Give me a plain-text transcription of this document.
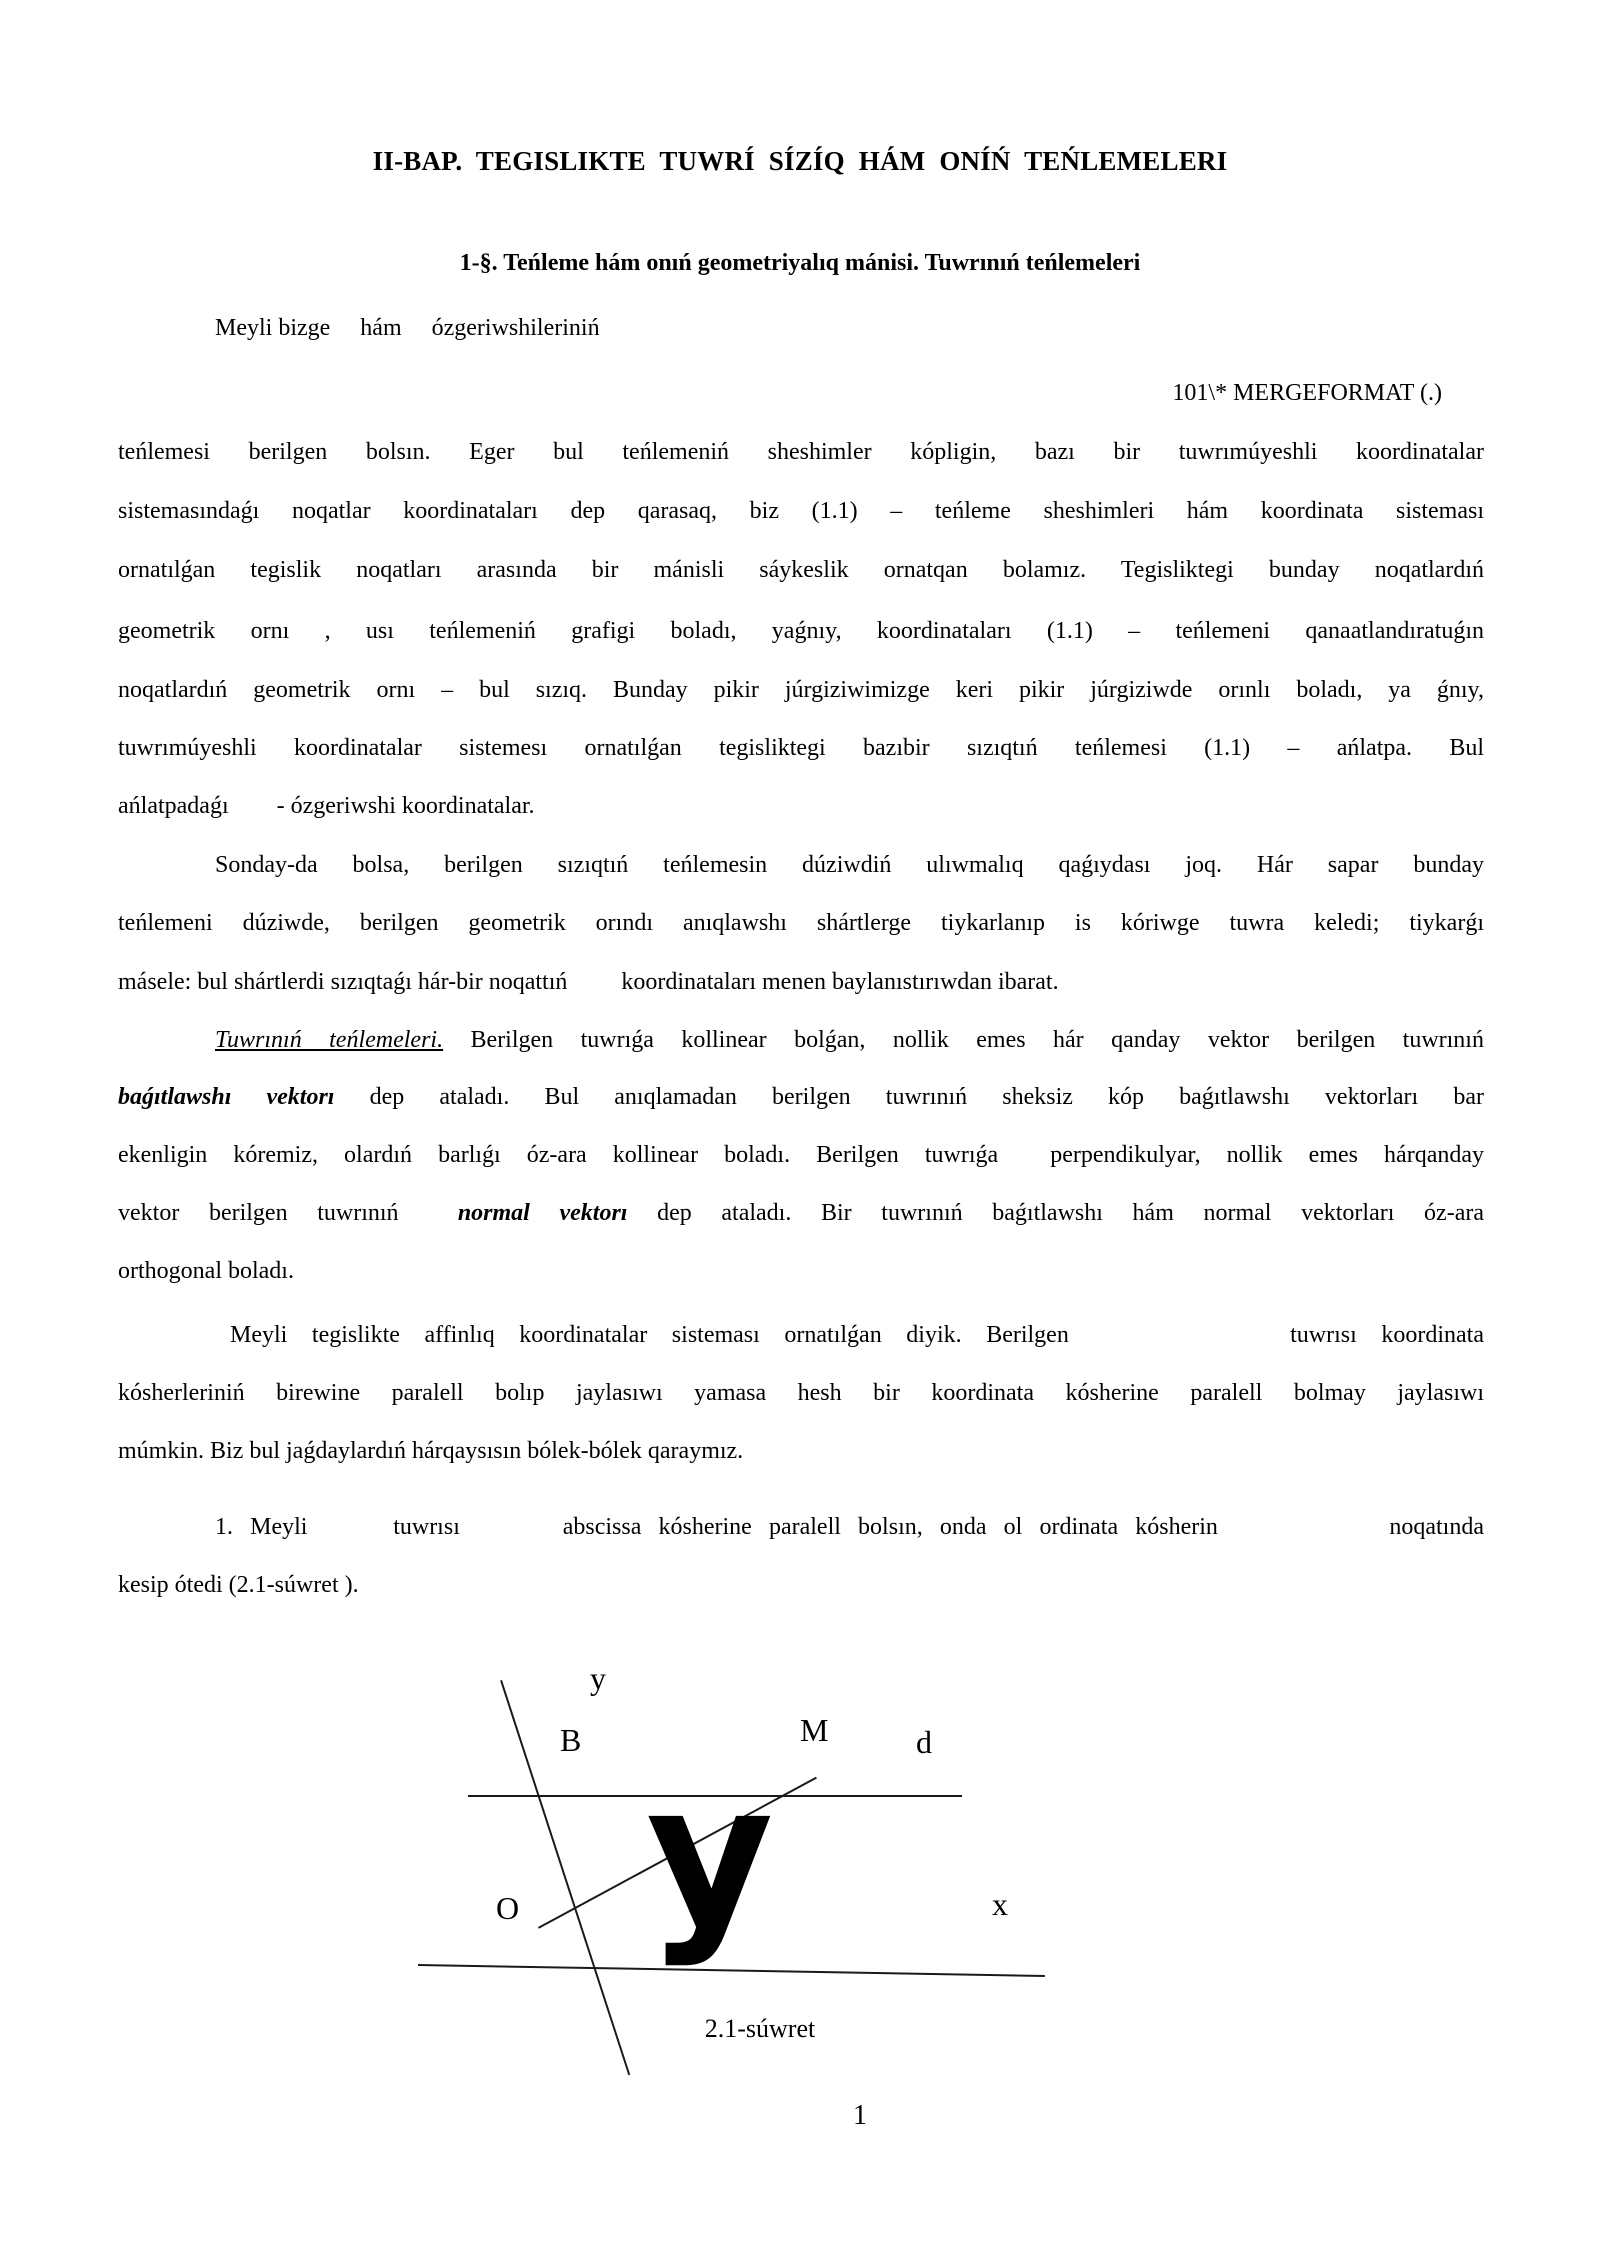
II-BAP. TEGISLIKTE TUWRÍ SÍZÍQ HÁM ONÍŃ TEŃLEMELERI
1-§. Teńleme hám onıń geometriyalıq mánisi. Tuwrınıń teńlemeleri
Meyli bizge     hám     ózgeriwshileriniń
101\* MERGEFORMAT (.)
teńlemesi berilgen bolsın. Eger bul teńlemeniń sheshimler kópligin, bazı bir tuwrımúyeshli koordinatalar
sistemasındaǵı noqatlar koordinataları dep qarasaq, biz (1.1) – teńleme sheshimleri hám koordinata sisteması
ornatılǵan tegislik noqatları arasında bir mánisli sáykeslik ornatqan bolamız. Tegisliktegi bunday noqatlardıń
geometrik ornı , usı teńlemeniń grafigi boladı, yaǵnıy, koordinataları (1.1) – teńlemeni qanaatlandıratuǵın
noqatlardıń geometrik ornı – bul sızıq. Bunday pikir júrgiziwimizge keri pikir júrgiziwde orınlı boladı, ya ǵnıy,
tuwrımúyeshli koordinatalar sistemesı ornatılǵan tegisliktegi bazıbir sızıqtıń teńlemesi (1.1) – ańlatpa. Bul
ańlatpadaǵı        - ózgeriwshi koordinatalar.
Sonday-da bolsa, berilgen sızıqtıń teńlemesin dúziwdiń ulıwmalıq qaǵıydası joq. Hár sapar bunday
teńlemeni dúziwde, berilgen geometrik orındı anıqlawshı shártlerge tiykarlanıp is kóriwge tuwra keledi; tiykarǵı
másele: bul shártlerdi sızıqtaǵı hár-bir noqattıń         koordinataları menen baylanıstırıwdan ibarat.
Tuwrınıń teńlemeleri. Berilgen tuwrıǵa kollinear bolǵan, nollik emes hár qanday vektor berilgen tuwrınıń
baǵıtlawshı vektorı dep ataladı. Bul anıqlamadan berilgen tuwrınıń sheksiz kóp baǵıtlawshı vektorları bar
ekenligin kóremiz, olardıń barlıǵı óz-ara kollinear boladı. Berilgen tuwrıǵa  perpendikulyar, nollik emes hárqanday
vektor berilgen tuwrınıń  normal vektorı dep ataladı. Bir tuwrınıń baǵıtlawshı hám normal vektorları óz-ara
orthogonal boladı.
Meyli tegislikte affinlıq koordinatalar sisteması ornatılǵan diyik. Berilgen         tuwrısı koordinata
kósherleriniń birewine paralell bolıp jaylasıwı yamasa hesh bir koordinata kósherine paralell bolmay jaylasıwı
múmkin. Biz bul jaǵdaylardıń hárqaysısın bólek-bólek qaraymız.
1. Meyli     tuwrısı      abscissa kósherine paralell bolsın, onda ol ordinata kósherin          noqatında
kesip ótedi (2.1-súwret ).
y
B	M	d
O	x
y
2.1-súwret
1
